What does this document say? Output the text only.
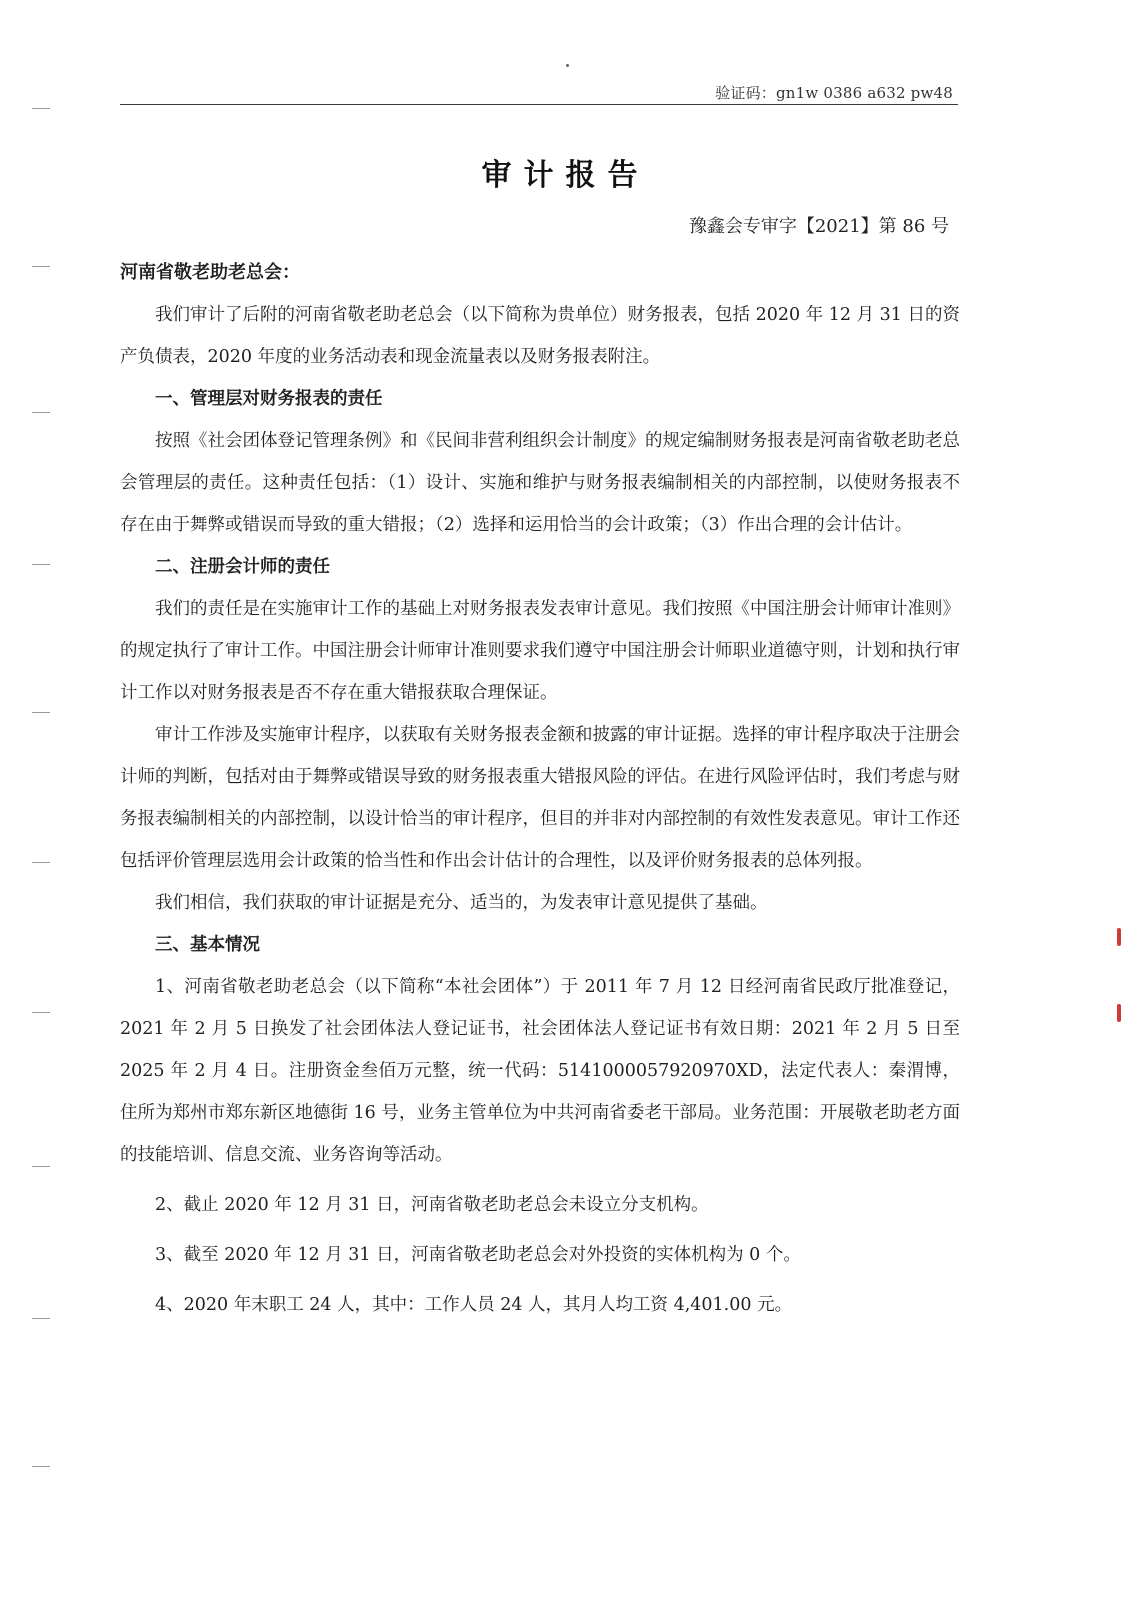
验证码：gn1w 0386 a632 pw48
审计报告
豫鑫会专审字【2021】第 86 号

河南省敬老助老总会：

我们审计了后附的河南省敬老助老总会（以下简称为贵单位）财务报表，包括 2020 年 12 月 31 日的资产负债表，2020 年度的业务活动表和现金流量表以及财务报表附注。

一、管理层对财务报表的责任

按照《社会团体登记管理条例》和《民间非营利组织会计制度》的规定编制财务报表是河南省敬老助老总会管理层的责任。这种责任包括：（1）设计、实施和维护与财务报表编制相关的内部控制，以使财务报表不存在由于舞弊或错误而导致的重大错报；（2）选择和运用恰当的会计政策；（3）作出合理的会计估计。

二、注册会计师的责任

我们的责任是在实施审计工作的基础上对财务报表发表审计意见。我们按照《中国注册会计师审计准则》的规定执行了审计工作。中国注册会计师审计准则要求我们遵守中国注册会计师职业道德守则，计划和执行审计工作以对财务报表是否不存在重大错报获取合理保证。

审计工作涉及实施审计程序，以获取有关财务报表金额和披露的审计证据。选择的审计程序取决于注册会计师的判断，包括对由于舞弊或错误导致的财务报表重大错报风险的评估。在进行风险评估时，我们考虑与财务报表编制相关的内部控制，以设计恰当的审计程序，但目的并非对内部控制的有效性发表意见。审计工作还包括评价管理层选用会计政策的恰当性和作出会计估计的合理性，以及评价财务报表的总体列报。

我们相信，我们获取的审计证据是充分、适当的，为发表审计意见提供了基础。

三、基本情况

1、河南省敬老助老总会（以下简称“本社会团体”）于 2011 年 7 月 12 日经河南省民政厅批准登记，2021 年 2 月 5 日换发了社会团体法人登记证书，社会团体法人登记证书有效日期：2021 年 2 月 5 日至 2025 年 2 月 4 日。注册资金叁佰万元整，统一代码：5141000057920970XD，法定代表人：秦渭博，住所为郑州市郑东新区地德街 16 号，业务主管单位为中共河南省委老干部局。业务范围：开展敬老助老方面的技能培训、信息交流、业务咨询等活动。

2、截止 2020 年 12 月 31 日，河南省敬老助老总会未设立分支机构。

3、截至 2020 年 12 月 31 日，河南省敬老助老总会对外投资的实体机构为 0 个。

4、2020 年末职工 24 人，其中：工作人员 24 人，其月人均工资 4,401.00 元。
